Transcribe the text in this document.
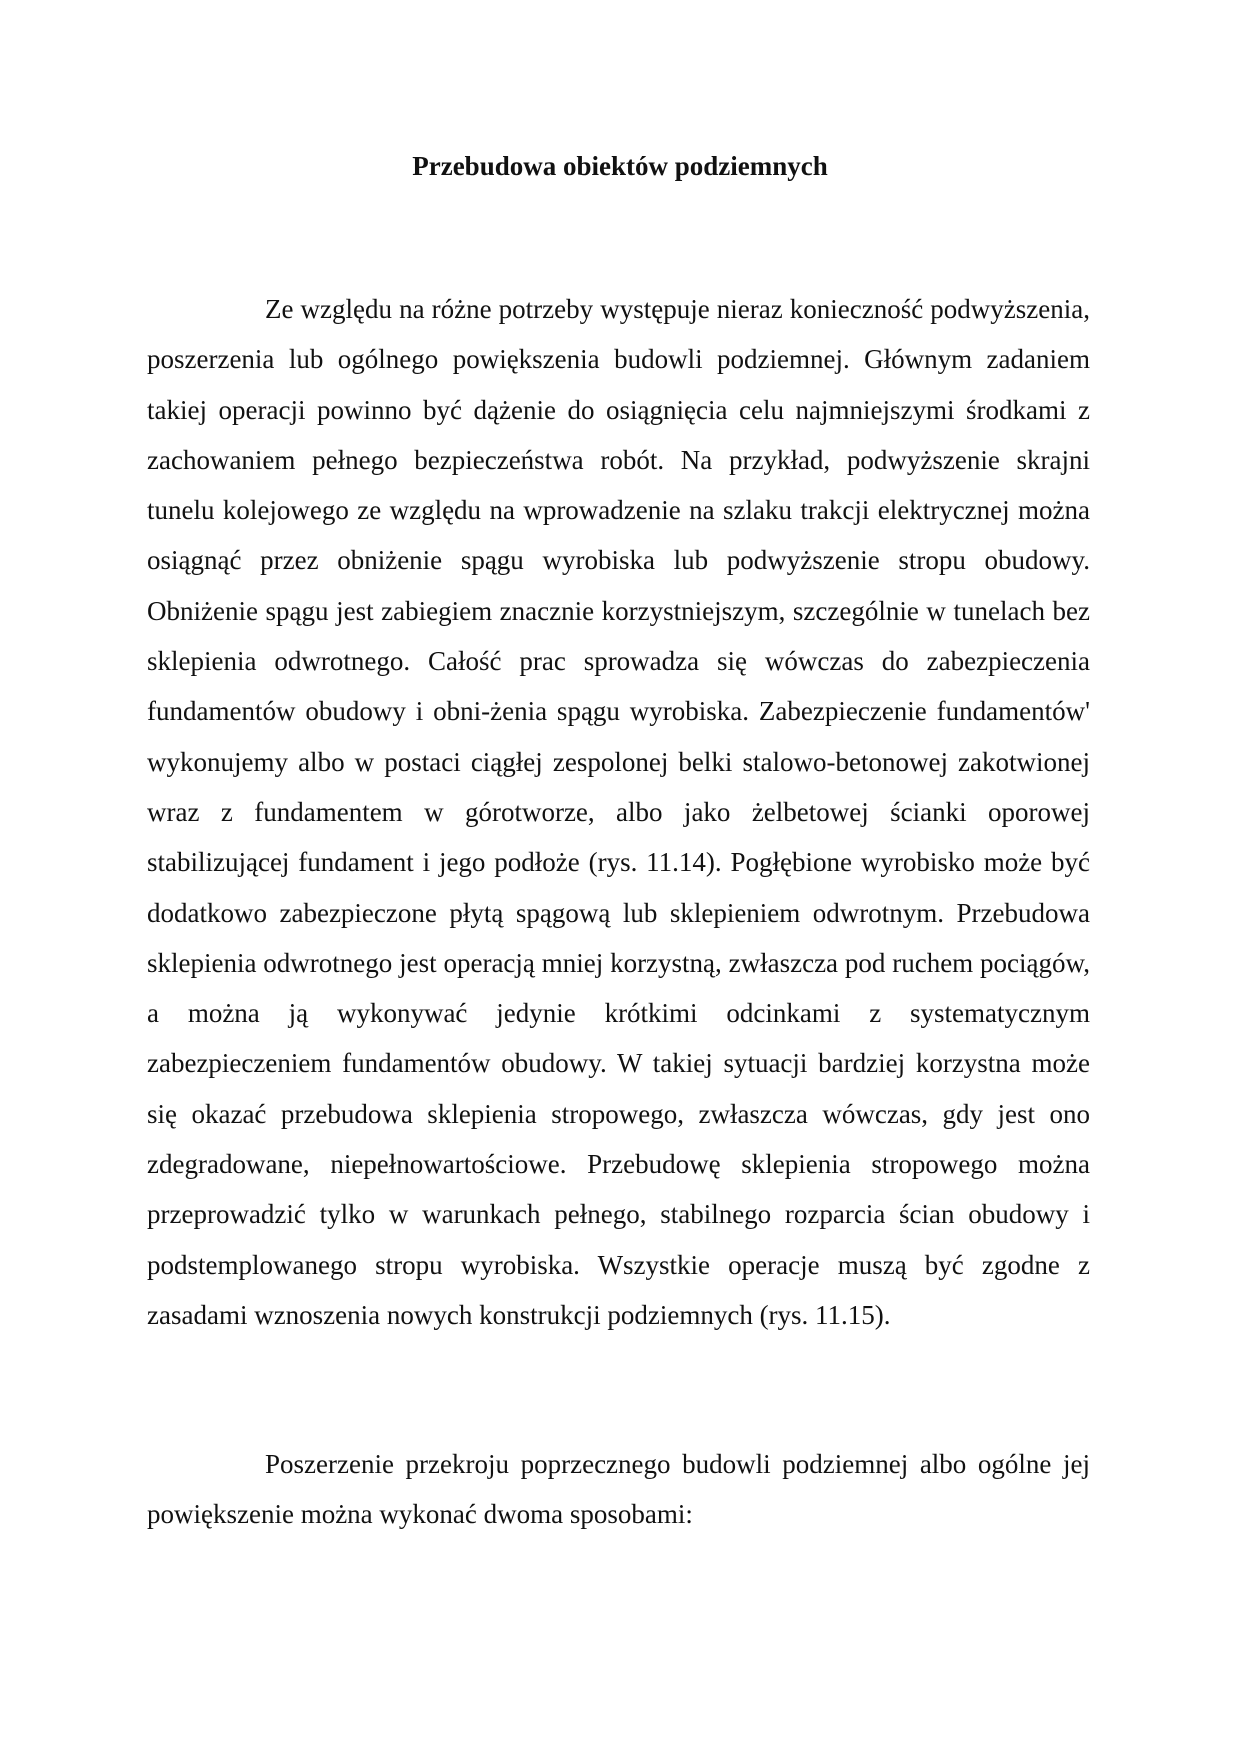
Przebudowa obiektów podziemnych

Ze względu na różne potrzeby występuje nieraz konieczność podwyższenia, poszerzenia lub ogólnego powiększenia budowli podziemnej. Głównym zadaniem takiej operacji powinno być dążenie do osiągnięcia celu najmniejszymi środkami z zachowaniem pełnego bezpieczeństwa robót. Na przykład, podwyższenie skrajni tunelu kolejowego ze względu na wprowadzenie na szlaku trakcji elektrycznej można osiągnąć przez obniżenie spągu wyrobiska lub podwyższenie stropu obudowy. Obniżenie spągu jest zabiegiem znacznie korzystniejszym, szczególnie w tunelach bez sklepienia odwrotnego. Całość prac sprowadza się wówczas do zabezpieczenia fundamentów obudowy i obni-żenia spągu wyrobiska. Zabezpieczenie fundamentów' wykonujemy albo w postaci ciągłej zespolonej belki stalowo-betonowej zakotwionej wraz z fundamentem w górotworze, albo jako żelbetowej ścianki oporowej stabilizującej fundament i jego podłoże (rys. 11.14). Pogłębione wyrobisko może być dodatkowo zabezpieczone płytą spągową lub sklepieniem odwrotnym. Przebudowa sklepienia odwrotnego jest operacją mniej korzystną, zwłaszcza pod ruchem pociągów, a można ją wykonywać jedynie krótkimi odcinkami z systematycznym zabezpieczeniem fundamentów obudowy. W takiej sytuacji bardziej korzystna może się okazać przebudowa sklepienia stropowego, zwłaszcza wówczas, gdy jest ono zdegradowane, niepełnowartościowe. Przebudowę sklepienia stropowego można przeprowadzić tylko w warunkach pełnego, stabilnego rozparcia ścian obudowy i podstemplowanego stropu wyrobiska. Wszystkie operacje muszą być zgodne z zasadami wznoszenia nowych konstrukcji podziemnych (rys. 11.15).

Poszerzenie przekroju poprzecznego budowli podziemnej albo ogólne jej powiększenie można wykonać dwoma sposobami:
